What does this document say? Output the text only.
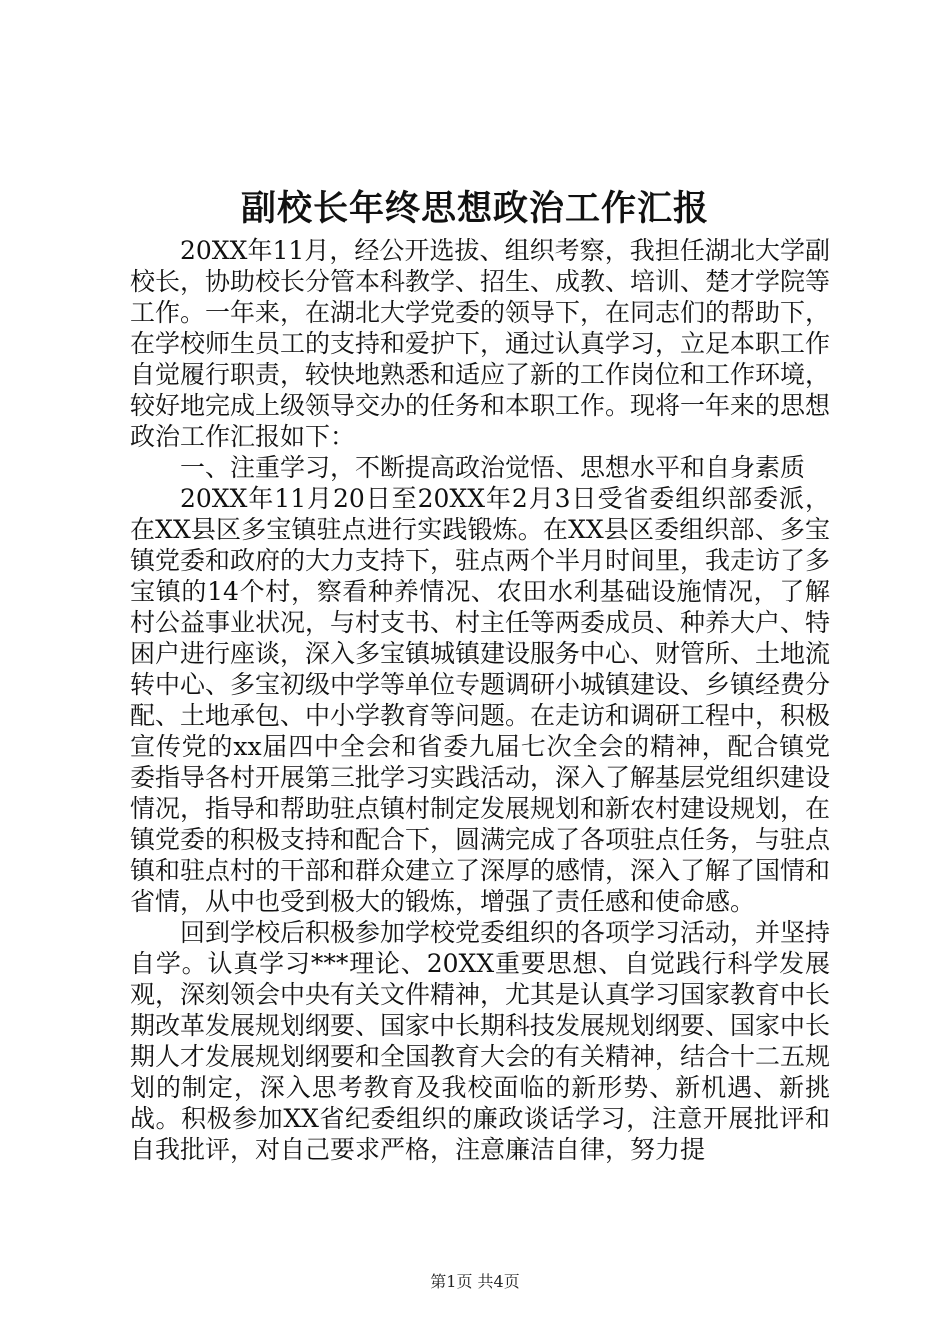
副校长年终思想政治工作汇报

20XX年11月，经公开选拔、组织考察，我担任湖北大学副校长，协助校长分管本科教学、招生、成教、培训、楚才学院等工作。一年来，在湖北大学党委的领导下，在同志们的帮助下，在学校师生员工的支持和爱护下，通过认真学习，立足本职工作自觉履行职责，较快地熟悉和适应了新的工作岗位和工作环境，较好地完成上级领导交办的任务和本职工作。现将一年来的思想政治工作汇报如下：

一、注重学习，不断提高政治觉悟、思想水平和自身素质

20XX年11月20日至20XX年2月3日受省委组织部委派，在XX县区多宝镇驻点进行实践锻炼。在XX县区委组织部、多宝镇党委和政府的大力支持下，驻点两个半月时间里，我走访了多宝镇的14个村，察看种养情况、农田水利基础设施情况，了解村公益事业状况，与村支书、村主任等两委成员、种养大户、特困户进行座谈，深入多宝镇城镇建设服务中心、财管所、土地流转中心、多宝初级中学等单位专题调研小城镇建设、乡镇经费分配、土地承包、中小学教育等问题。在走访和调研工程中，积极宣传党的xx届四中全会和省委九届七次全会的精神，配合镇党委指导各村开展第三批学习实践活动，深入了解基层党组织建设情况，指导和帮助驻点镇村制定发展规划和新农村建设规划，在镇党委的积极支持和配合下，圆满完成了各项驻点任务，与驻点镇和驻点村的干部和群众建立了深厚的感情，深入了解了国情和省情，从中也受到极大的锻炼，增强了责任感和使命感。

回到学校后积极参加学校党委组织的各项学习活动，并坚持自学。认真学习***理论、20XX重要思想、自觉践行科学发展观，深刻领会中央有关文件精神，尤其是认真学习国家教育中长期改革发展规划纲要、国家中长期科技发展规划纲要、国家中长期人才发展规划纲要和全国教育大会的有关精神，结合十二五规划的制定，深入思考教育及我校面临的新形势、新机遇、新挑战。积极参加XX省纪委组织的廉政谈话学习，注意开展批评和自我批评，对自己要求严格，注意廉洁自律，努力提

第1页 共4页
